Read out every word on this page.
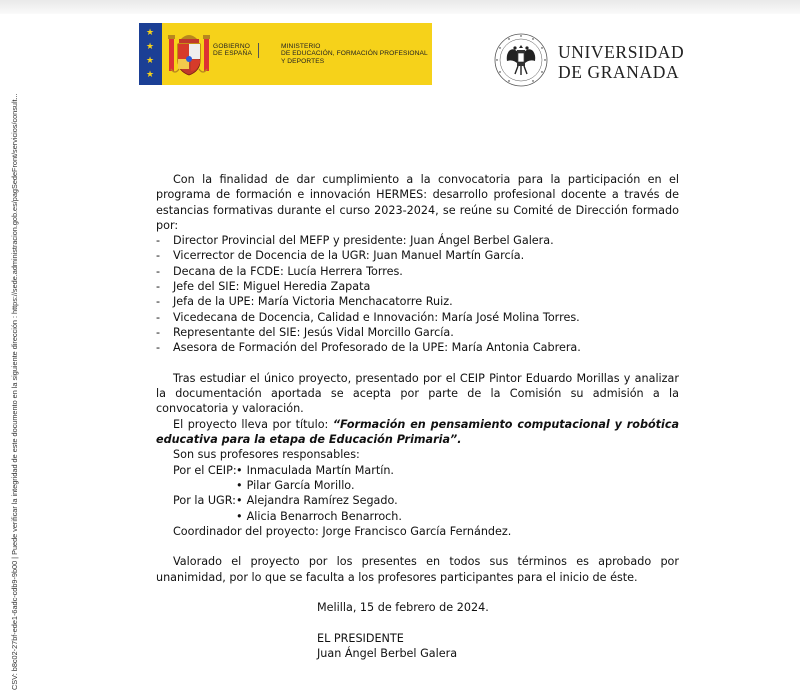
CSV: b8c02-27bf-ede1-6adc-cdb9-9b00 | Puede verificar la integridad de este documento en la siguiente dirección : https://sede.administracion.gob.es/pagSedeFront/servicios/consult...
★
★
★
★
GOBIERNO
DE ESPAÑA
MINISTERIO
DE EDUCACIÓN, FORMACIÓN PROFESIONAL
Y DEPORTES	UNIVERSIDAD
DE GRANADA

Con la finalidad de dar cumplimiento a la convocatoria para la participación en el programa de formación e innovación HERMES: desarrollo profesional docente a través de estancias formativas durante el curso 2023-2024, se reúne su Comité de Dirección formado por:

- Director Provincial del MEFP y presidente: Juan Ángel Berbel Galera.
- Vicerrector de Docencia de la UGR: Juan Manuel Martín García.
- Decana de la FCDE: Lucía Herrera Torres.
- Jefe del SIE: Miguel Heredia Zapata
- Jefa de la UPE: María Victoria Menchacatorre Ruiz.
- Vicedecana de Docencia, Calidad e Innovación: María José Molina Torres.
- Representante del SIE: Jesús Vidal Morcillo García.
- Asesora de Formación del Profesorado de la UPE: María Antonia Cabrera.

Tras estudiar el único proyecto, presentado por el CEIP Pintor Eduardo Morillas y analizar la documentación aportada se acepta por parte de la Comisión su admisión a la convocatoria y valoración.

El proyecto lleva por título: “Formación en pensamiento computacional y robótica educativa para la etapa de Educación Primaria”.

Son sus profesores responsables:

Por el CEIP: • Inmaculada Martín Martín.
• Pilar García Morillo.
Por la UGR: • Alejandra Ramírez Segado.
• Alicia Benarroch Benarroch.

Coordinador del proyecto: Jorge Francisco García Fernández.

Valorado el proyecto por los presentes en todos sus términos es aprobado por unanimidad, por lo que se faculta a los profesores participantes para el inicio de éste.

Melilla, 15 de febrero de 2024.

EL PRESIDENTE

Juan Ángel Berbel Galera
